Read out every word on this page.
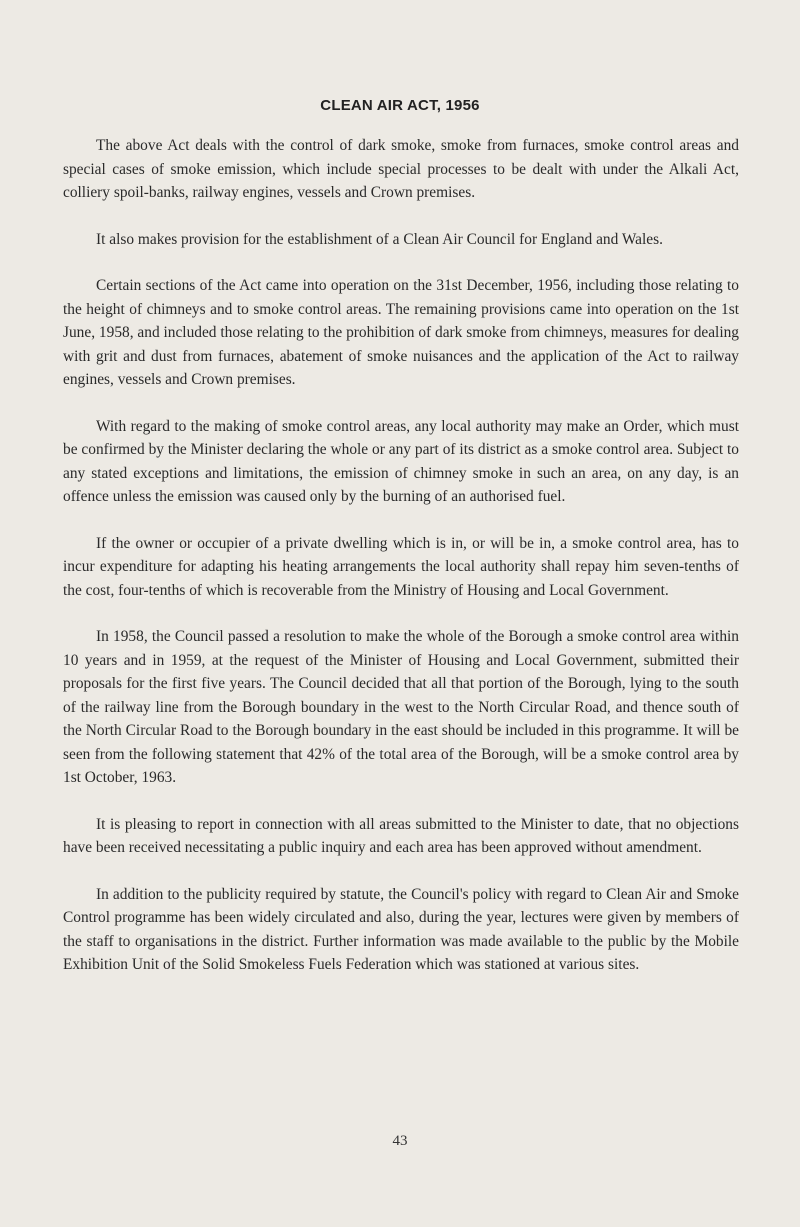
CLEAN AIR ACT, 1956

The above Act deals with the control of dark smoke, smoke from furnaces, smoke control areas and special cases of smoke emission, which include special processes to be dealt with under the Alkali Act, colliery spoil-banks, railway engines, vessels and Crown premises.

It also makes provision for the establishment of a Clean Air Council for England and Wales.

Certain sections of the Act came into operation on the 31st December, 1956, including those relating to the height of chimneys and to smoke control areas. The remaining provisions came into operation on the 1st June, 1958, and included those relating to the prohibition of dark smoke from chimneys, measures for dealing with grit and dust from furnaces, abatement of smoke nuisances and the application of the Act to railway engines, vessels and Crown premises.

With regard to the making of smoke control areas, any local authority may make an Order, which must be confirmed by the Minister declaring the whole or any part of its district as a smoke control area. Subject to any stated exceptions and limitations, the emission of chimney smoke in such an area, on any day, is an offence unless the emission was caused only by the burning of an authorised fuel.

If the owner or occupier of a private dwelling which is in, or will be in, a smoke control area, has to incur expenditure for adapting his heating arrangements the local authority shall repay him seven-tenths of the cost, four-tenths of which is recoverable from the Ministry of Housing and Local Government.

In 1958, the Council passed a resolution to make the whole of the Borough a smoke control area within 10 years and in 1959, at the request of the Minister of Housing and Local Government, submitted their proposals for the first five years. The Council decided that all that portion of the Borough, lying to the south of the railway line from the Borough boundary in the west to the North Circular Road, and thence south of the North Circular Road to the Borough boundary in the east should be included in this programme. It will be seen from the following statement that 42% of the total area of the Borough, will be a smoke control area by 1st October, 1963.

It is pleasing to report in connection with all areas submitted to the Minister to date, that no objections have been received necessitating a public inquiry and each area has been approved without amendment.

In addition to the publicity required by statute, the Council's policy with regard to Clean Air and Smoke Control programme has been widely circulated and also, during the year, lectures were given by members of the staff to organisations in the district. Further information was made available to the public by the Mobile Exhibition Unit of the Solid Smokeless Fuels Federation which was stationed at various sites.

43
